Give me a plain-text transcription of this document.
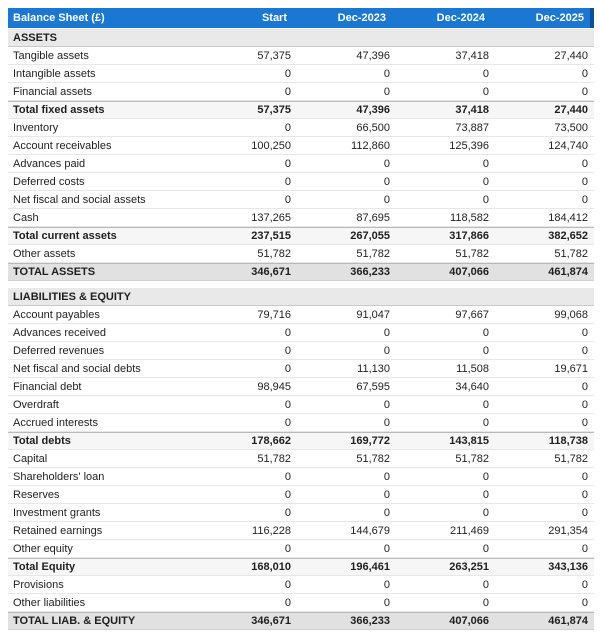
Balance Sheet (£)	Start	Dec-2023	Dec-2024	Dec-2025
ASSETS
Tangible assets	57,375	47,396	37,418	27,440
Intangible assets	0	0	0	0
Financial assets	0	0	0	0
Total fixed assets	57,375	47,396	37,418	27,440
Inventory	0	66,500	73,887	73,500
Account receivables	100,250	112,860	125,396	124,740
Advances paid	0	0	0	0
Deferred costs	0	0	0	0
Net fiscal and social assets	0	0	0	0
Cash	137,265	87,695	118,582	184,412
Total current assets	237,515	267,055	317,866	382,652
Other assets	51,782	51,782	51,782	51,782
TOTAL ASSETS	346,671	366,233	407,066	461,874
LIABILITIES & EQUITY
Account payables	79,716	91,047	97,667	99,068
Advances received	0	0	0	0
Deferred revenues	0	0	0	0
Net fiscal and social debts	0	11,130	11,508	19,671
Financial debt	98,945	67,595	34,640	0
Overdraft	0	0	0	0
Accrued interests	0	0	0	0
Total debts	178,662	169,772	143,815	118,738
Capital	51,782	51,782	51,782	51,782
Shareholders' loan	0	0	0	0
Reserves	0	0	0	0
Investment grants	0	0	0	0
Retained earnings	116,228	144,679	211,469	291,354
Other equity	0	0	0	0
Total Equity	168,010	196,461	263,251	343,136
Provisions	0	0	0	0
Other liabilities	0	0	0	0
TOTAL LIAB. & EQUITY	346,671	366,233	407,066	461,874
